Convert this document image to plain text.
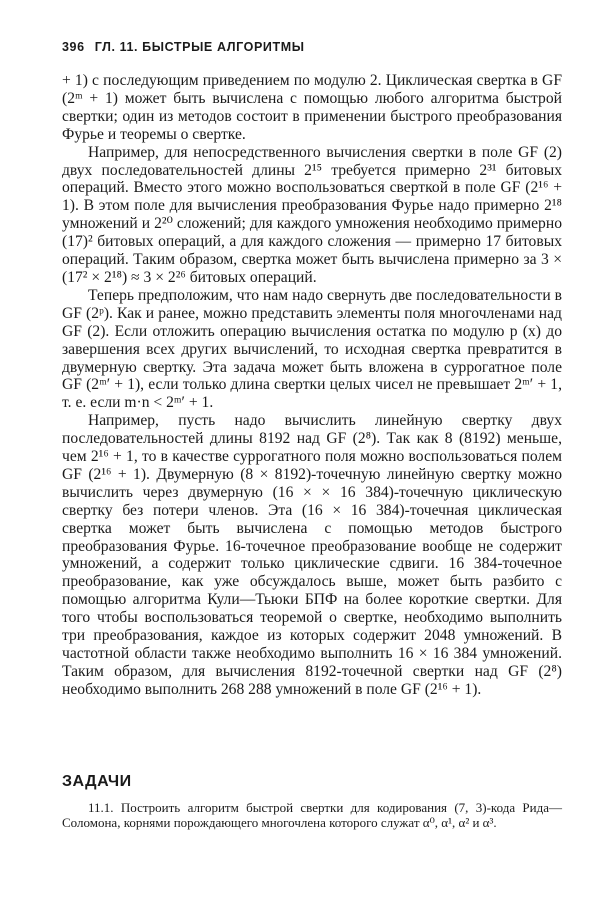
396 ГЛ. 11. БЫСТРЫЕ АЛГОРИТМЫ

+ 1) с последующим приведением по модулю 2. Циклическая свертка в GF (2ᵐ + 1) может быть вычислена с помощью любого алгоритма быстрой свертки; один из методов состоит в применении быстрого преобразования Фурье и теоремы о свертке.

Например, для непосредственного вычисления свертки в поле GF (2) двух последовательностей длины 2¹⁵ требуется примерно 2³¹ битовых операций. Вместо этого можно воспользоваться сверткой в поле GF (2¹⁶ + 1). В этом поле для вычисления преобразования Фурье надо примерно 2¹⁸ умножений и 2²⁰ сложений; для каждого умножения необходимо примерно (17)² битовых операций, а для каждого сложения — примерно 17 битовых операций. Таким образом, свертка может быть вычислена примерно за 3 × (17² × 2¹⁸) ≈ 3 × 2²⁶ битовых операций.

Теперь предположим, что нам надо свернуть две последовательности в GF (2ᵖ). Как и ранее, можно представить элементы поля многочленами над GF (2). Если отложить операцию вычисления остатка по модулю p (x) до завершения всех других вычислений, то исходная свертка превратится в двумерную свертку. Эта задача может быть вложена в суррогатное поле GF (2ᵐ′ + 1), если только длина свертки целых чисел не превышает 2ᵐ′ + 1, т. е. если m·n < 2ᵐ′ + 1.

Например, пусть надо вычислить линейную свертку двух последовательностей длины 8192 над GF (2⁸). Так как 8 (8192) меньше, чем 2¹⁶ + 1, то в качестве суррогатного поля можно воспользоваться полем GF (2¹⁶ + 1). Двумерную (8 × 8192)-точечную линейную свертку можно вычислить через двумерную (16 × × 16 384)-точечную циклическую свертку без потери членов. Эта (16 × 16 384)-точечная циклическая свертка может быть вычислена с помощью методов быстрого преобразования Фурье. 16-точечное преобразование вообще не содержит умножений, а содержит только циклические сдвиги. 16 384-точечное преобразование, как уже обсуждалось выше, может быть разбито с помощью алгоритма Кули—Тьюки БПФ на более короткие свертки. Для того чтобы воспользоваться теоремой о свертке, необходимо выполнить три преобразования, каждое из которых содержит 2048 умножений. В частотной области также необходимо выполнить 16 × 16 384 умножений. Таким образом, для вычисления 8192-точечной свертки над GF (2⁸) необходимо выполнить 268 288 умножений в поле GF (2¹⁶ + 1).

ЗАДАЧИ
11.1. Построить алгоритм быстрой свертки для кодирования (7, 3)-кода Рида—Соломона, корнями порождающего многочлена которого служат α⁰, α¹, α² и α³.
